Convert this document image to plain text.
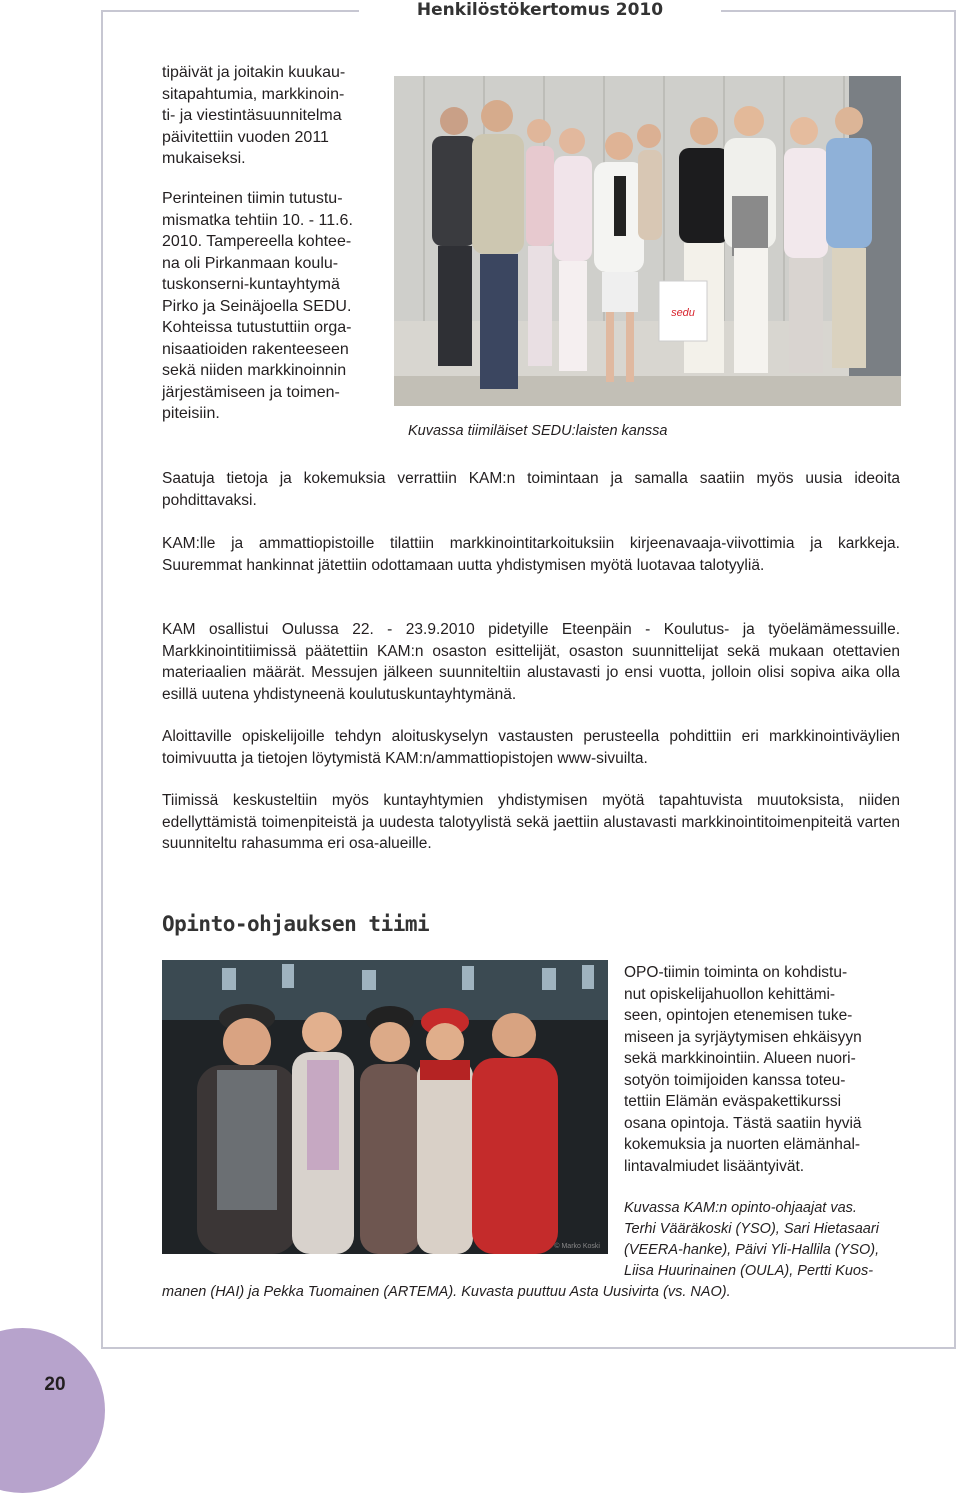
Henkilöstökertomus 2010
tipäivät ja joitakin kuukau-
sitapahtumia, markkinoin-
ti- ja viestintäsuunnitelma
päivitettiin vuoden 2011
mukaiseksi.
Perinteinen tiimin tutustu-
mismatka tehtiin 10. - 11.6.
2010. Tampereella kohtee-
na oli Pirkanmaan koulu-
tuskonserni-kuntayhtymä
Pirko ja Seinäjoella SEDU.
Kohteissa tutustuttiin orga-
nisaatioiden rakenteeseen
sekä niiden markkinoinnin
järjestämiseen ja toimen-
piteisiin.
sedu

Kuvassa tiimiläiset SEDU:laisten kanssa

Saatuja tietoja ja kokemuksia verrattiin KAM:n toimintaan ja samalla saatiin myös uusia ideoita pohdittavaksi.

KAM:lle ja ammattiopistoille tilattiin markkinointitarkoituksiin kirjeenavaaja-viivottimia ja karkkeja. Suuremmat hankinnat jätettiin odottamaan uutta yhdistymisen myötä luotavaa talotyyliä.

KAM osallistui Oulussa 22. - 23.9.2010 pidetyille Eteenpäin - Koulutus- ja työelämämessuille. Markkinointitiimissä päätettiin KAM:n osaston esittelijät, osaston suunnittelijat sekä mukaan otettavien materiaalien määrät. Messujen jälkeen suunniteltiin alustavasti jo ensi vuotta, jolloin olisi sopiva aika olla esillä uutena yhdistyneenä koulutuskuntayhtymänä.

Aloittaville opiskelijoille tehdyn aloituskyselyn vastausten perusteella pohdittiin eri markkinointiväylien toimivuutta ja tietojen löytymistä KAM:n/ammattiopistojen www-sivuilta.

Tiimissä keskusteltiin myös kuntayhtymien yhdistymisen myötä tapahtuvista muutoksista, niiden edellyttämistä toimenpiteistä ja uudesta talotyylistä sekä jaettiin alustavasti markkinointitoimenpiteitä varten suunniteltu rahasumma eri osa-alueille.

Opinto-ohjauksen tiimi
© Marko Koski
OPO-tiimin toiminta on kohdistu-
nut opiskelijahuollon kehittämi-
seen, opintojen etenemisen tuke-
miseen ja syrjäytymisen ehkäisyyn
sekä markkinointiin. Alueen nuori-
sotyön toimijoiden kanssa toteu-
tettiin Elämän eväspakettikurssi
osana opintoja. Tästä saatiin hyviä
kokemuksia ja nuorten elämänhal-
lintavalmiudet lisääntyivät.
Kuvassa KAM:n opinto-ohjaajat vas.
Terhi Vääräkoski (YSO), Sari Hietasaari
(VEERA-hanke), Päivi Yli-Hallila (YSO),
Liisa Huurinainen (OULA), Pertti Kuos-
manen (HAI) ja Pekka Tuomainen (ARTEMA). Kuvasta puuttuu Asta Uusivirta (vs. NAO).
20
